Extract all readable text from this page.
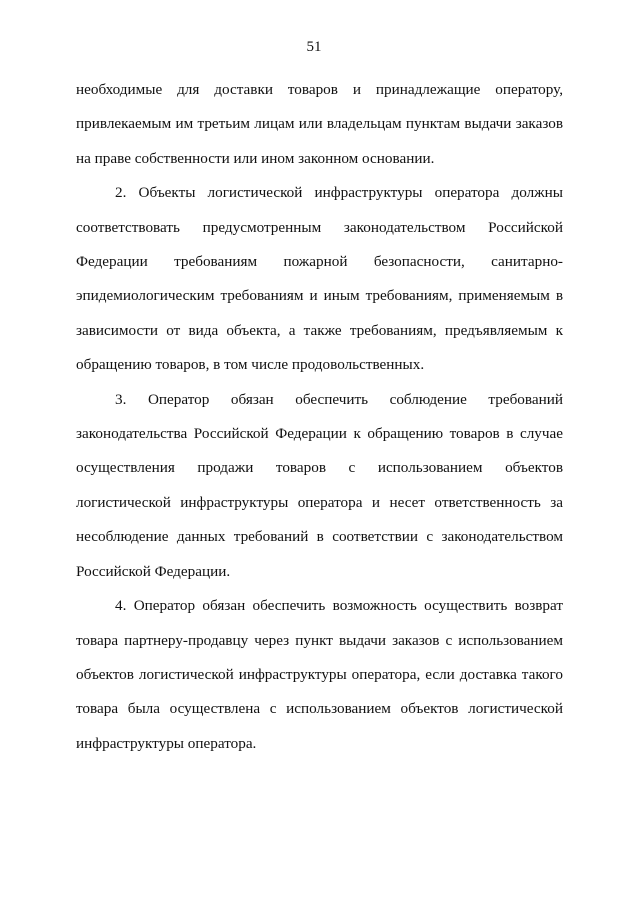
51

необходимые для доставки товаров и принадлежащие оператору, привлекаемым им третьим лицам или владельцам пунктам выдачи заказов на праве собственности или ином законном основании.

2. Объекты логистической инфраструктуры оператора должны соответствовать предусмотренным законодательством Российской Федерации требованиям пожарной безопасности, санитарно-эпидемиологическим требованиям и иным требованиям, применяемым в зависимости от вида объекта, а также требованиям, предъявляемым к обращению товаров, в том числе продовольственных.

3. Оператор обязан обеспечить соблюдение требований законодательства Российской Федерации к обращению товаров в случае осуществления продажи товаров с использованием объектов логистической инфраструктуры оператора и несет ответственность за несоблюдение данных требований в соответствии с законодательством Российской Федерации.

4. Оператор обязан обеспечить возможность осуществить возврат товара партнеру-продавцу через пункт выдачи заказов с использованием объектов логистической инфраструктуры оператора, если доставка такого товара была осуществлена с использованием объектов логистической инфраструктуры оператора.
